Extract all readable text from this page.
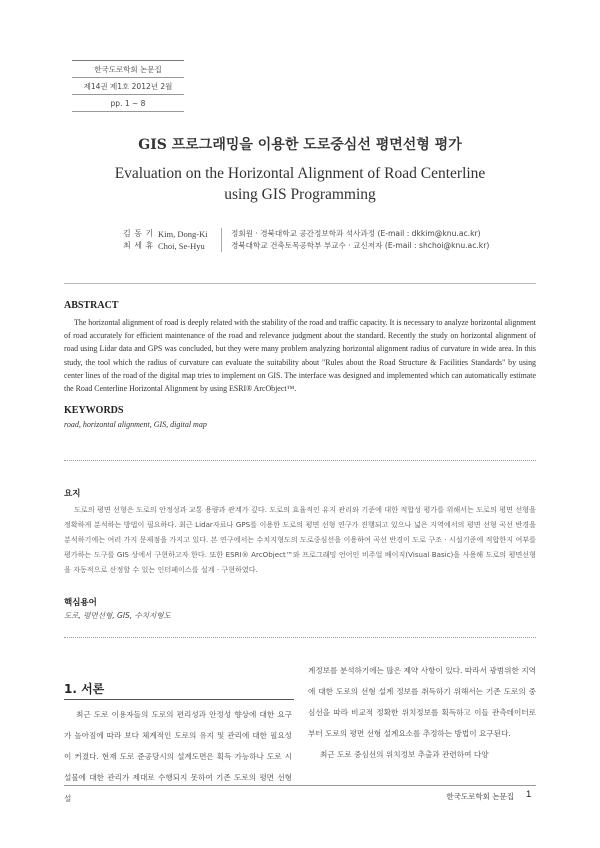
한국도로학회 논문집
제14권 제1호 2012년 2월
pp. 1 ~ 8
GIS 프로그래밍을 이용한 도로중심선 평면선형 평가
Evaluation on the Horizontal Alignment of Road Centerline
using GIS Programming
김 동 기
최 세 휴
Kim, Dong-Ki
Choi, Se-Hyu
정회원 · 경북대학교 공간정보학과 석사과정 (E-mail : dkkim@knu.ac.kr)
경북대학교 건축토목공학부 부교수 · 교신저자 (E-mail : shchoi@knu.ac.kr)
ABSTRACT

The horizontal alignment of road is deeply related with the stability of the road and traffic capacity. It is necessary to analyze horizontal alignment of road accurately for efficient maintenance of the road and relevance judgment about the standard. Recently the study on horizontal alignment of road using Lidar data and GPS was concluded, but they were many problem analyzing horizontal alignment radius of curvature in wide area. In this study, the tool which the radius of curvature can evaluate the suitability about "Rules about the Road Structure & Facilities Standards" by using center lines of the road of the digital map tries to implement on GIS. The interface was designed and implemented which can automatically estimate the Road Centerline Horizontal Alignment by using ESRI® ArcObject™.

KEYWORDS
road, horizontal alignment, GIS, digital map
요지

도로의 평면 선형은 도로의 안정성과 교통 용량과 관계가 깊다. 도로의 효율적인 유지 관리와 기준에 대한 적합성 평가를 위해서는 도로의 평면 선형을 정확하게 분석하는 방법이 필요하다. 최근 Lidar자료나 GPS를 이용한 도로의 평면 선형 연구가 진행되고 있으나 넓은 지역에서의 평면 선형 곡선 반경을 분석하기에는 여러 가지 문제점을 가지고 있다. 본 연구에서는 수치지형도의 도로중심선을 이용하여 곡선 반경이 도로 구조 · 시설기준에 적합한지 여부를 평가하는 도구를 GIS 상에서 구현하고자 한다. 또한 ESRI® ArcObject™와 프로그래밍 언어인 비주얼 베이직(Visual Basic)을 사용해 도로의 평면선형을 자동적으로 산정할 수 있는 인터페이스를 설계 · 구현하였다.

핵심용어
도로, 평면선형, GIS, 수치지형도
1. 서론

최근 도로 이용자들의 도로의 편리성과 안정성 향상에 대한 요구가 높아짐에 따라 보다 체계적인 도로의 유지 및 관리에 대한 필요성이 커졌다. 현재 도로 준공당시의 설계도면은 획득 가능하나 도로 시설물에 대한 관리가 제대로 수행되지 못하여 기존 도로의 평면 선형 설

계정보를 분석하기에는 많은 제약 사항이 있다. 따라서 광범위한 지역에 대한 도로의 선형 설계 정보를 취득하기 위해서는 기존 도로의 중심선을 따라 비교적 정확한 위치정보를 획득하고 이들 관측데이터로부터 도로의 평면 선형 설계요소를 추정하는 방법이 요구된다.

최근 도로 중심선의 위치정보 추출과 관련하여 다양

한국도로학회 논문집 1
